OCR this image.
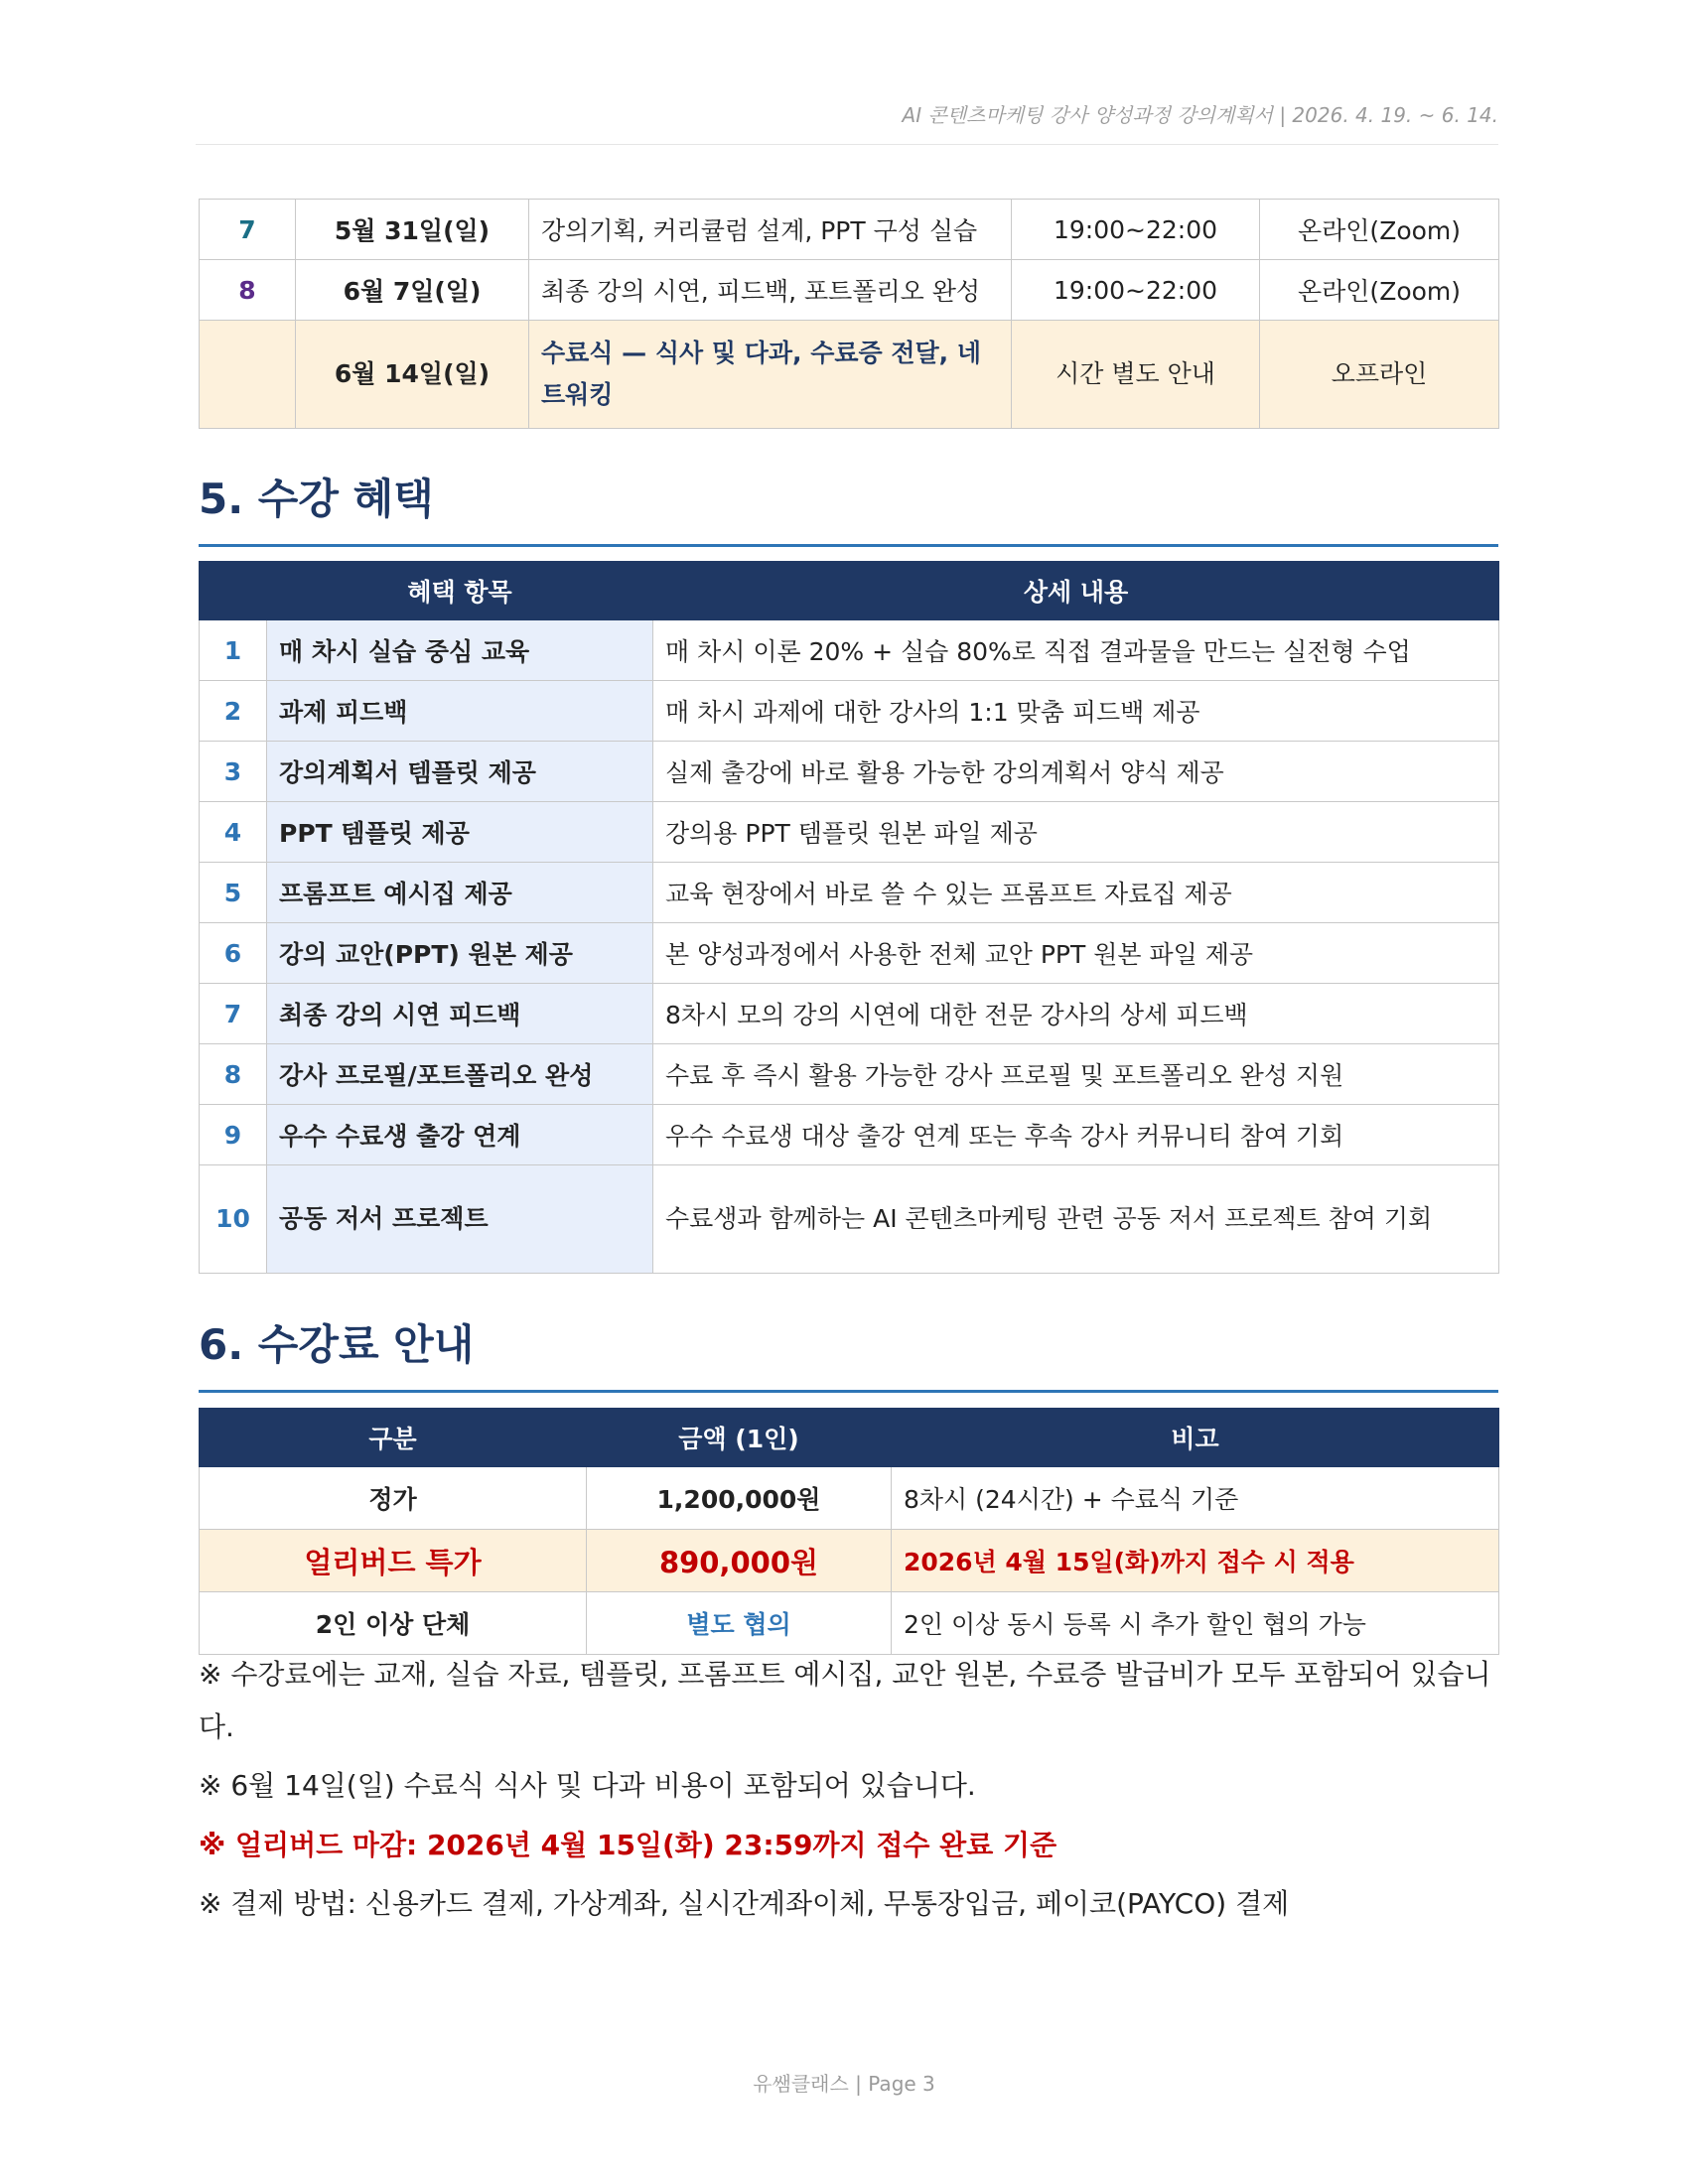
AI 콘텐츠마케팅 강사 양성과정 강의계획서 | 2026. 4. 19. ~ 6. 14.
7	5월 31일(일)	강의기획, 커리큘럼 설계, PPT 구성 실습	19:00~22:00	온라인(Zoom)
8	6월 7일(일)	최종 강의 시연, 피드백, 포트폴리오 완성	19:00~22:00	온라인(Zoom)
	6월 14일(일)	수료식 — 식사 및 다과, 수료증 전달, 네트워킹	시간 별도 안내	오프라인
5. 수강 혜택
	혜택 항목	상세 내용
1	매 차시 실습 중심 교육	매 차시 이론 20% + 실습 80%로 직접 결과물을 만드는 실전형 수업
2	과제 피드백	매 차시 과제에 대한 강사의 1:1 맞춤 피드백 제공
3	강의계획서 템플릿 제공	실제 출강에 바로 활용 가능한 강의계획서 양식 제공
4	PPT 템플릿 제공	강의용 PPT 템플릿 원본 파일 제공
5	프롬프트 예시집 제공	교육 현장에서 바로 쓸 수 있는 프롬프트 자료집 제공
6	강의 교안(PPT) 원본 제공	본 양성과정에서 사용한 전체 교안 PPT 원본 파일 제공
7	최종 강의 시연 피드백	8차시 모의 강의 시연에 대한 전문 강사의 상세 피드백
8	강사 프로필/포트폴리오 완성	수료 후 즉시 활용 가능한 강사 프로필 및 포트폴리오 완성 지원
9	우수 수료생 출강 연계	우수 수료생 대상 출강 연계 또는 후속 강사 커뮤니티 참여 기회
10	공동 저서 프로젝트	수료생과 함께하는 AI 콘텐츠마케팅 관련 공동 저서 프로젝트 참여 기회
6. 수강료 안내
구분	금액 (1인)	비고
정가	1,200,000원	8차시 (24시간) + 수료식 기준
얼리버드 특가	890,000원	2026년 4월 15일(화)까지 접수 시 적용
2인 이상 단체	별도 협의	2인 이상 동시 등록 시 추가 할인 협의 가능

※ 수강료에는 교재, 실습 자료, 템플릿, 프롬프트 예시집, 교안 원본, 수료증 발급비가 모두 포함되어 있습니다.

※ 6월 14일(일) 수료식 식사 및 다과 비용이 포함되어 있습니다.

※ 얼리버드 마감: 2026년 4월 15일(화) 23:59까지 접수 완료 기준

※ 결제 방법: 신용카드 결제, 가상계좌, 실시간계좌이체, 무통장입금, 페이코(PAYCO) 결제

유쌤클래스 | Page 3
